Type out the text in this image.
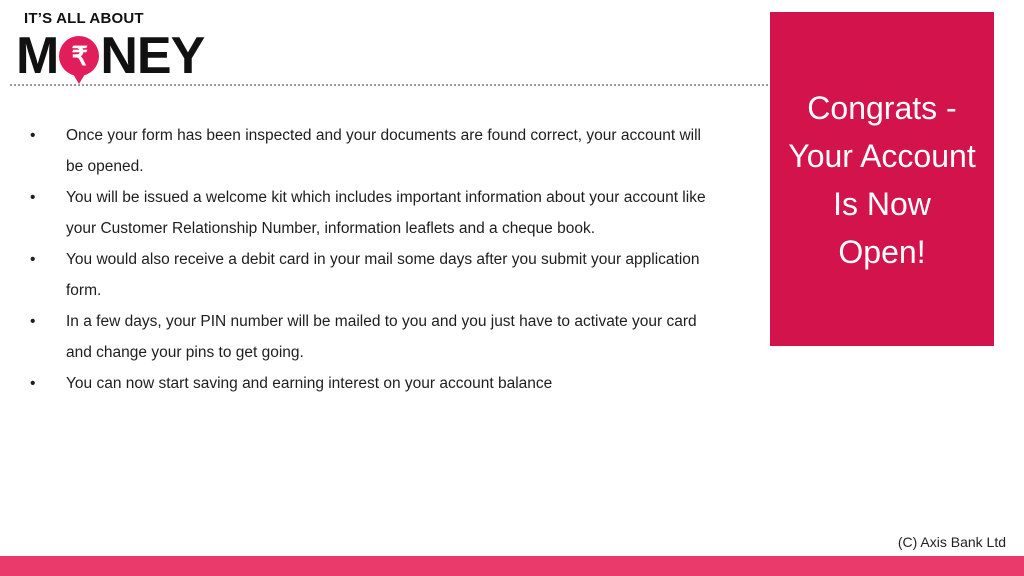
IT’S ALL ABOUT
M ₹ NEY
• Once your form has been inspected and your documents are found correct, your account will be opened.
• You will be issued a welcome kit which includes important information about your account like your Customer Relationship Number, information leaflets and a cheque book.
• You would also receive a debit card in your mail some days after you submit your application form.
• In a few days, your PIN number will be mailed to you and you just have to activate your card and change your pins to get going.
• You can now start saving and earning interest on your account balance
Congrats - Your Account Is Now Open!
(C) Axis Bank Ltd
